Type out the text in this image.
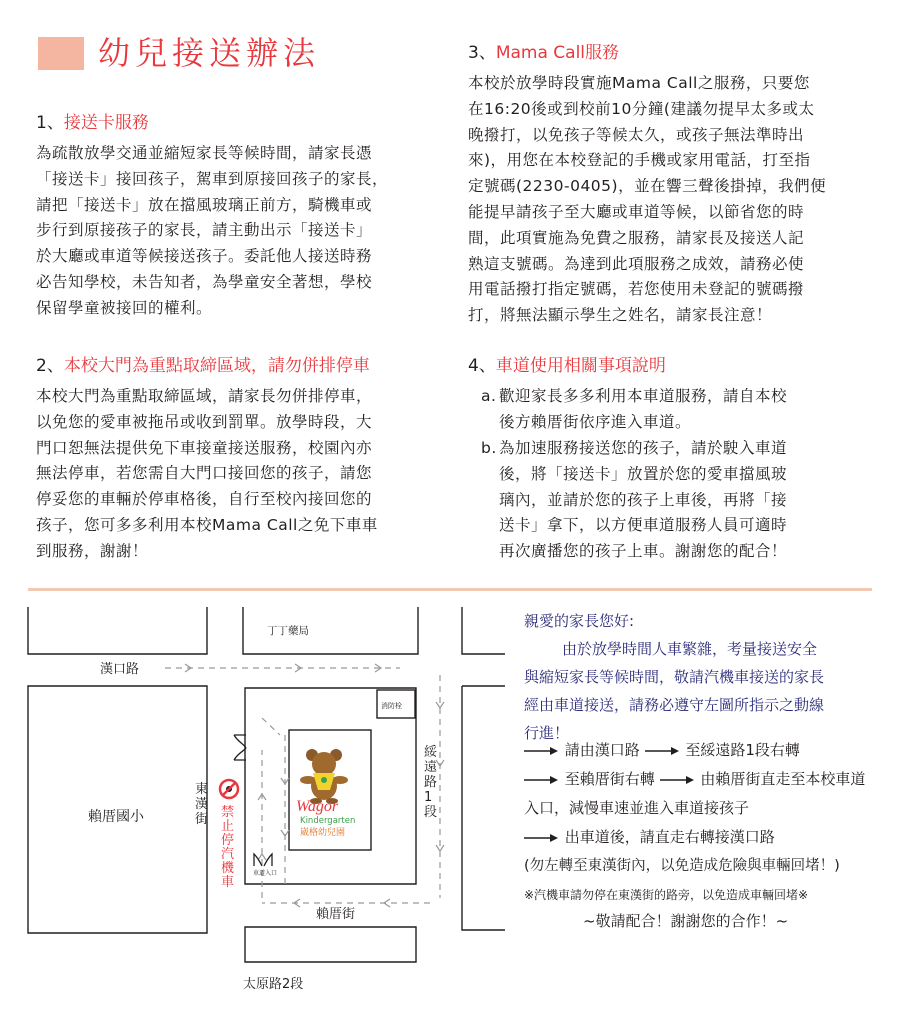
幼兒接送辦法
1、接送卡服務
為疏散放學交通並縮短家長等候時間，請家長憑
「接送卡」接回孩子，駕車到原接回孩子的家長，
請把「接送卡」放在擋風玻璃正前方，騎機車或
步行到原接孩子的家長，請主動出示「接送卡」
於大廳或車道等候接送孩子。委託他人接送時務
必告知學校，未告知者，為學童安全著想，學校
保留學童被接回的權利。
2、本校大門為重點取締區域，請勿併排停車
本校大門為重點取締區域，請家長勿併排停車，
以免您的愛車被拖吊或收到罰單。放學時段，大
門口恕無法提供免下車接童接送服務，校園內亦
無法停車，若您需自大門口接回您的孩子，請您
停妥您的車輛於停車格後，自行至校內接回您的
孩子，您可多多利用本校Mama Call之免下車車
到服務，謝謝！
3、Mama Call服務
本校於放學時段實施Mama Call之服務，只要您
在16:20後或到校前10分鐘(建議勿提早太多或太
晚撥打，以免孩子等候太久，或孩子無法準時出
來)，用您在本校登記的手機或家用電話，打至指
定號碼(2230-0405)，並在響三聲後掛掉，我們便
能提早請孩子至大廳或車道等候，以節省您的時
間，此項實施為免費之服務，請家長及接送人記
熟這支號碼。為達到此項服務之成效，請務必使
用電話撥打指定號碼，若您使用未登記的號碼撥
打，將無法顯示學生之姓名，請家長注意！
4、車道使用相關事項說明
a. 歡迎家長多多利用本車道服務，請自本校
後方賴厝街依序進入車道。
b. 為加速服務接送您的孩子，請於駛入車道
後，將「接送卡」放置於您的愛車擋風玻
璃內，並請於您的孩子上車後，再將「接
送卡」拿下，以方便車道服務人員可適時
再次廣播您的孩子上車。謝謝您的配合！
丁丁藥局
漢口路
賴厝國小
消防栓
車道入口
賴厝街
太原路2段
Wagor
Kindergarten
崴格幼兒園
東漢街 禁止停汽機車
綏遠路1段
親愛的家長您好:
由於放學時間人車繁雜，考量接送安全
與縮短家長等候時間，敬請汽機車接送的家長
經由車道接送，請務必遵守左圖所指示之動線
行進！
請由漢口路	至綏遠路1段右轉
至賴厝街右轉	由賴厝街直走至本校車道
入口，減慢車速並進入車道接孩子
出車道後，請直走右轉接漢口路
(勿左轉至東漢街內，以免造成危險與車輛回堵！)
※汽機車請勿停在東漢街的路旁，以免造成車輛回堵※
~敬請配合！謝謝您的合作！~
